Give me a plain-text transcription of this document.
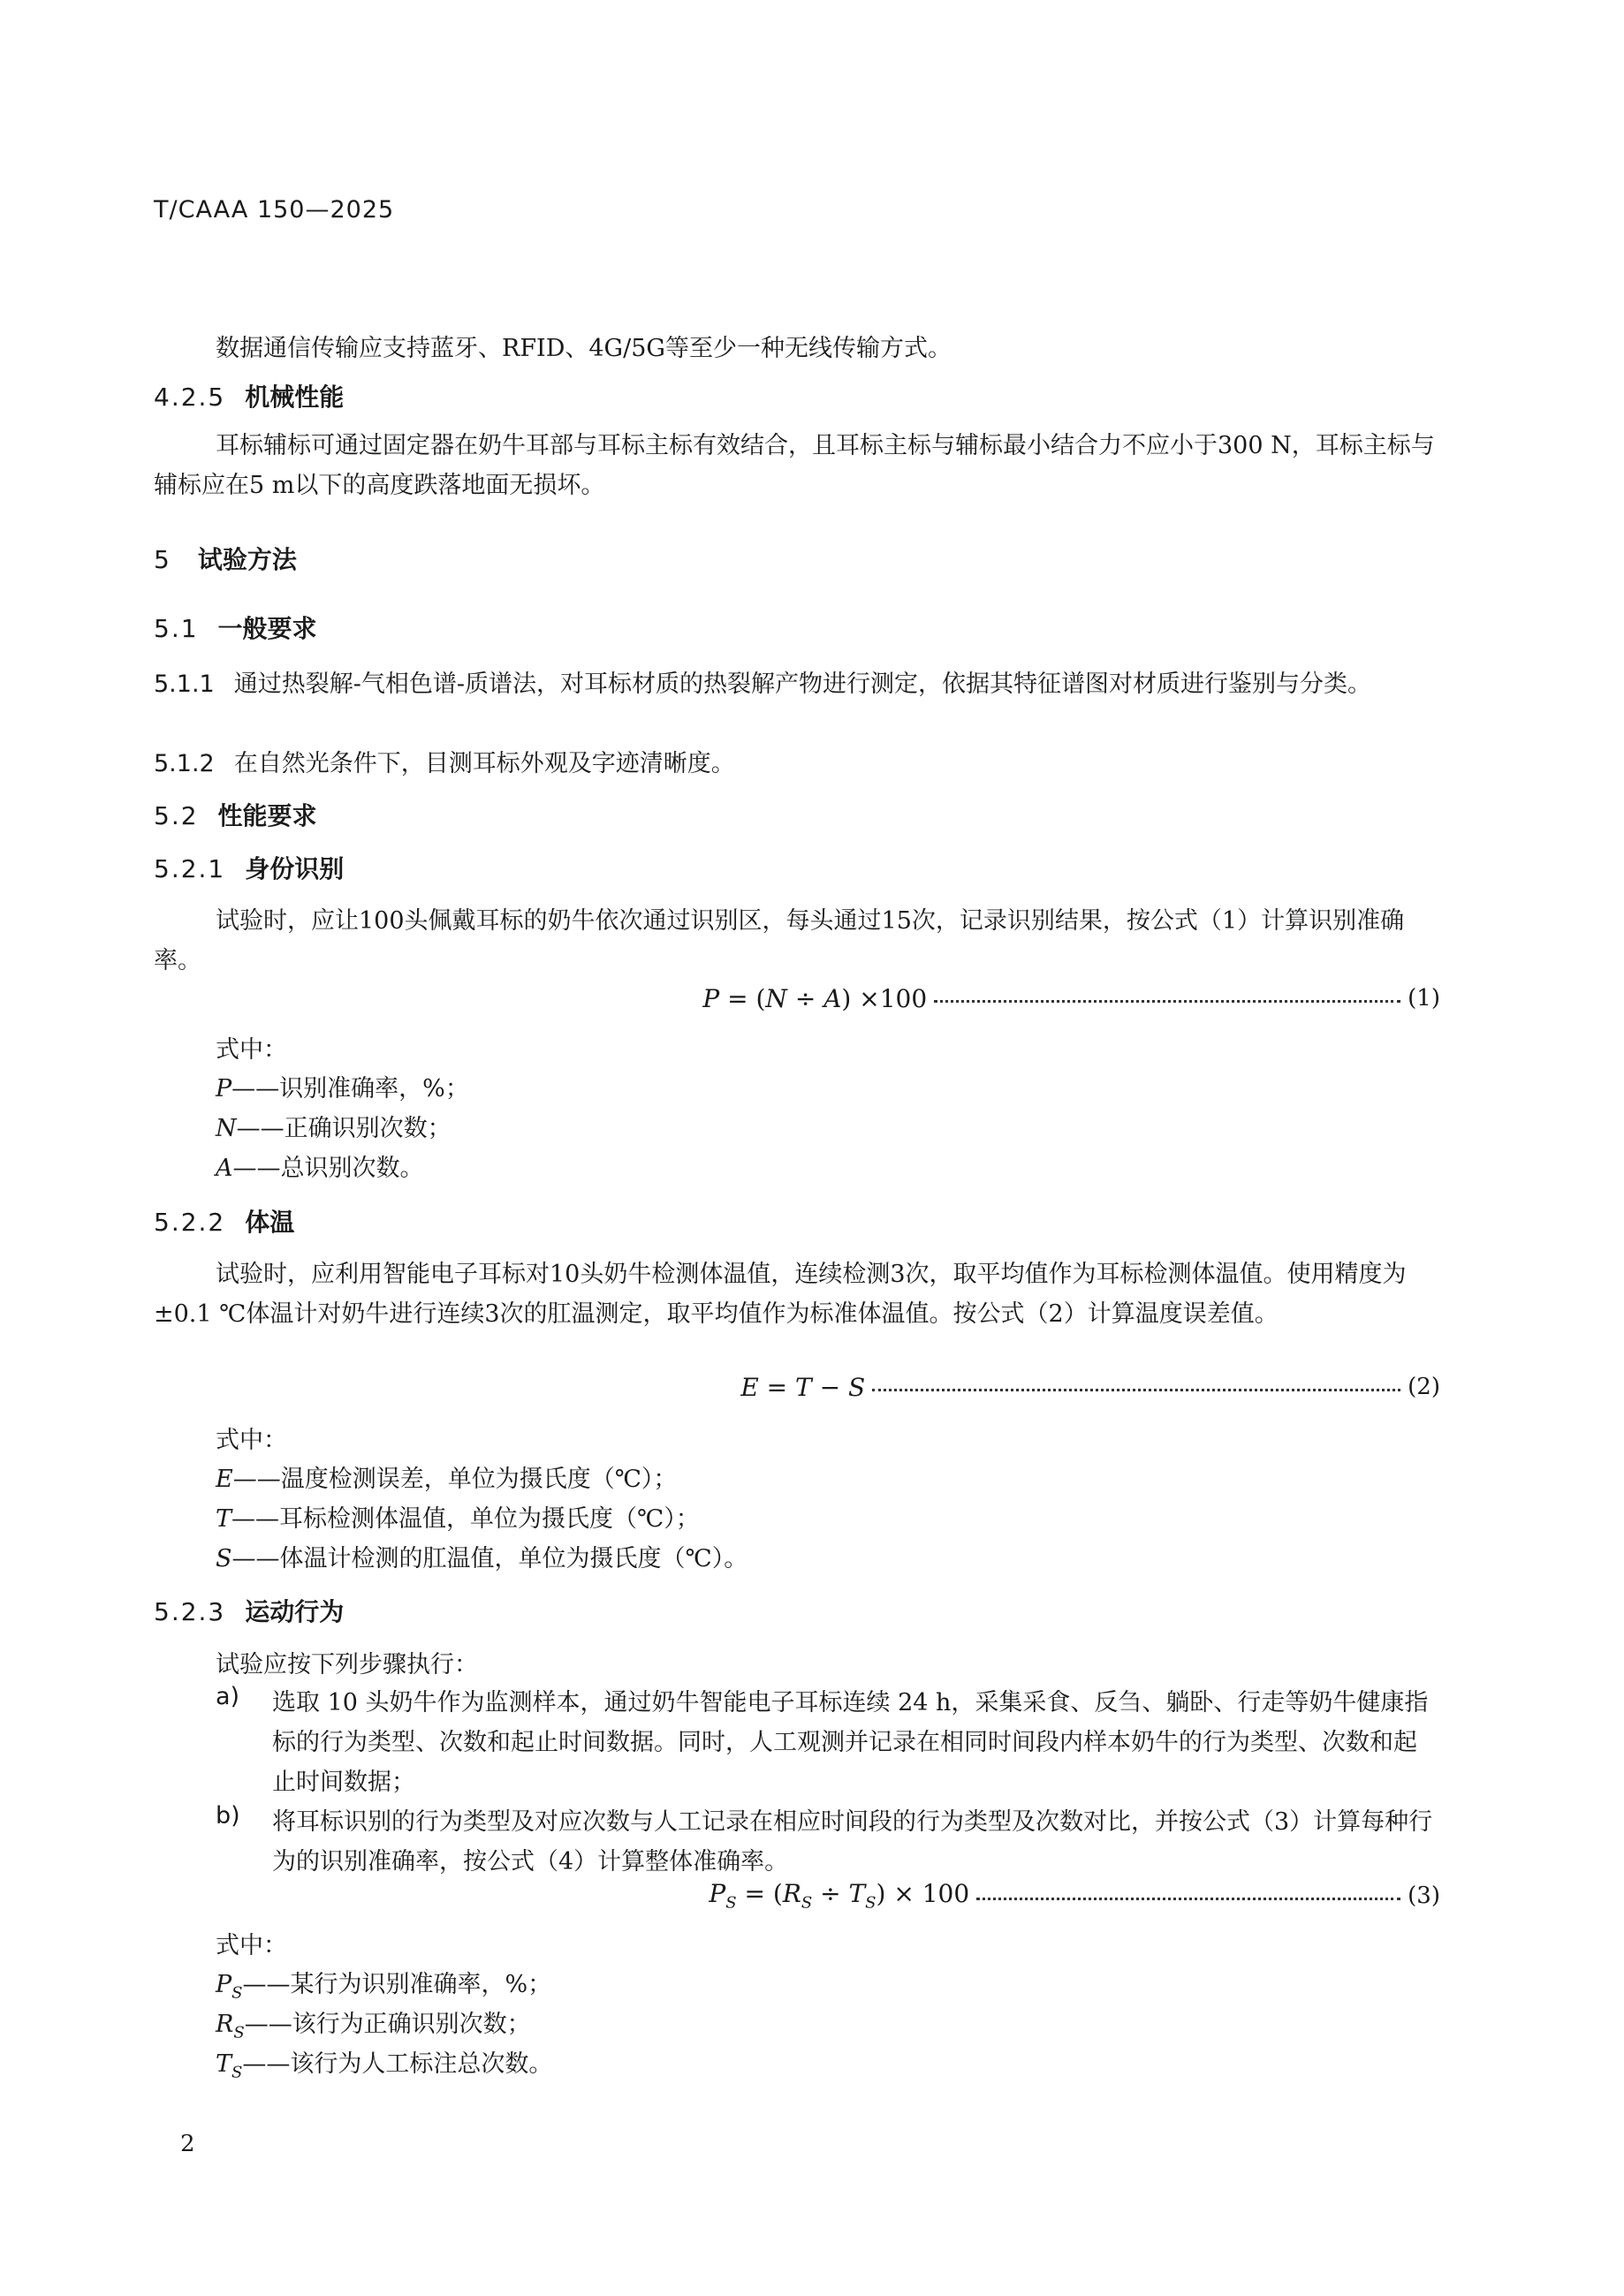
T/CAAA 150—2025
数据通信传输应支持蓝牙、RFID、4G/5G等至少一种无线传输方式。
4.2.5 机械性能
耳标辅标可通过固定器在奶牛耳部与耳标主标有效结合，且耳标主标与辅标最小结合力不应小于300 N，耳标主标与辅标应在5 m以下的高度跌落地面无损坏。
5 试验方法
5.1 一般要求
5.1.1 通过热裂解-气相色谱-质谱法，对耳标材质的热裂解产物进行测定，依据其特征谱图对材质进行鉴别与分类。
5.1.2 在自然光条件下，目测耳标外观及字迹清晰度。
5.2 性能要求
5.2.1 身份识别
试验时，应让100头佩戴耳标的奶牛依次通过识别区，每头通过15次，记录识别结果，按公式（1）计算识别准确率。
P = (N ÷ A) ×100	(1)
式中：
P——识别准确率，%；
N——正确识别次数；
A——总识别次数。
5.2.2 体温
试验时，应利用智能电子耳标对10头奶牛检测体温值，连续检测3次，取平均值作为耳标检测体温值。使用精度为±0.1 ℃体温计对奶牛进行连续3次的肛温测定，取平均值作为标准体温值。按公式（2）计算温度误差值。
E = T − S	(2)
式中：
E——温度检测误差，单位为摄氏度（℃）；
T——耳标检测体温值，单位为摄氏度（℃）；
S——体温计检测的肛温值，单位为摄氏度（℃）。
5.2.3 运动行为
试验应按下列步骤执行：
a) 选取 10 头奶牛作为监测样本，通过奶牛智能电子耳标连续 24 h，采集采食、反刍、躺卧、行走等奶牛健康指标的行为类型、次数和起止时间数据。同时，人工观测并记录在相同时间段内样本奶牛的行为类型、次数和起止时间数据；
b) 将耳标识别的行为类型及对应次数与人工记录在相应时间段的行为类型及次数对比，并按公式（3）计算每种行为的识别准确率，按公式（4）计算整体准确率。
$P_S = (R_S \div T_S) \times 100$	(3)
式中：
$P_S——$某行为识别准确率，%；
$R_S——$该行为正确识别次数；
$T_S——$该行为人工标注总次数。
2
